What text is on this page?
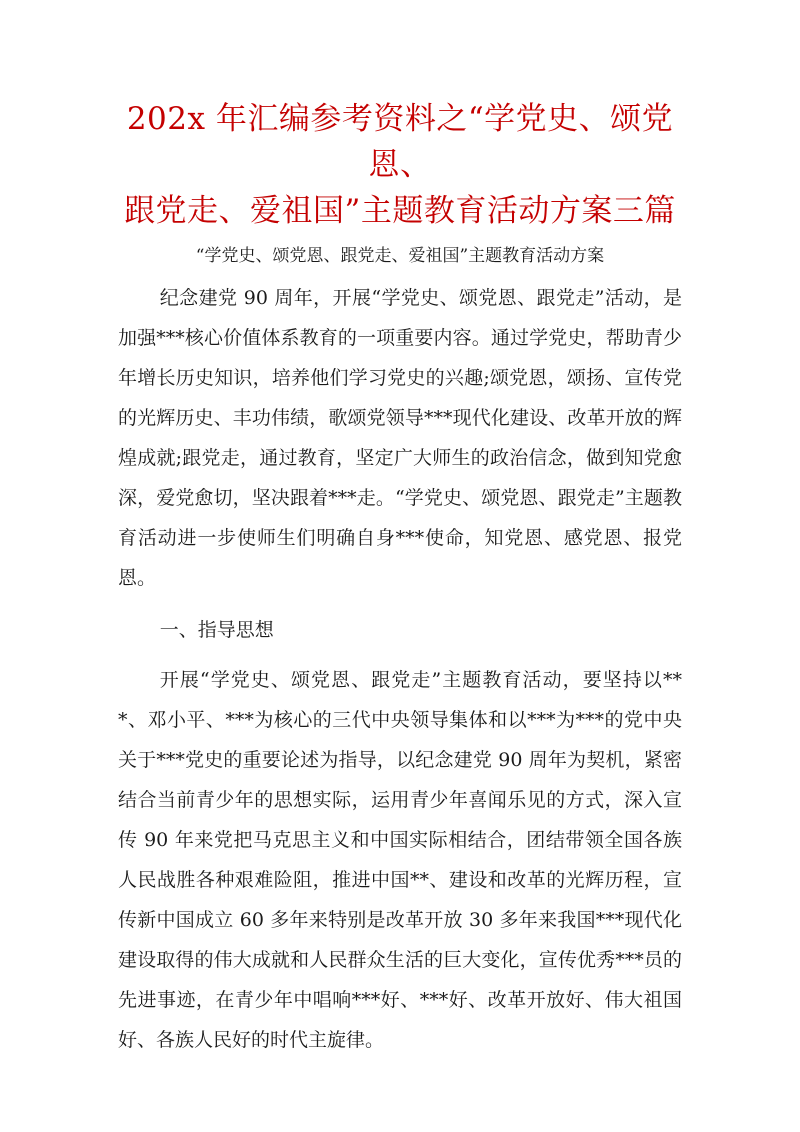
202x 年汇编参考资料之“学党史、颂党恩、
跟党走、爱祖国”主题教育活动方案三篇
“学党史、颂党恩、跟党走、爱祖国”主题教育活动方案

纪念建党 90 周年，开展“学党史、颂党恩、跟党走”活动，是加强***核心价值体系教育的一项重要内容。通过学党史，帮助青少年增长历史知识，培养他们学习党史的兴趣;颂党恩，颂扬、宣传党的光辉历史、丰功伟绩，歌颂党领导***现代化建设、改革开放的辉煌成就;跟党走，通过教育，坚定广大师生的政治信念，做到知党愈深，爱党愈切，坚决跟着***走。“学党史、颂党恩、跟党走”主题教育活动进一步使师生们明确自身***使命，知党恩、感党恩、报党恩。

一、指导思想

开展“学党史、颂党恩、跟党走”主题教育活动，要坚持以***、邓小平、***为核心的三代中央领导集体和以***为***的党中央关于***党史的重要论述为指导，以纪念建党 90 周年为契机，紧密结合当前青少年的思想实际，运用青少年喜闻乐见的方式，深入宣传 90 年来党把马克思主义和中国实际相结合，团结带领全国各族人民战胜各种艰难险阻，推进中国**、建设和改革的光辉历程，宣传新中国成立 60 多年来特别是改革开放 30 多年来我国***现代化建设取得的伟大成就和人民群众生活的巨大变化，宣传优秀***员的先进事迹，在青少年中唱响***好、***好、改革开放好、伟大祖国好、各族人民好的时代主旋律。
